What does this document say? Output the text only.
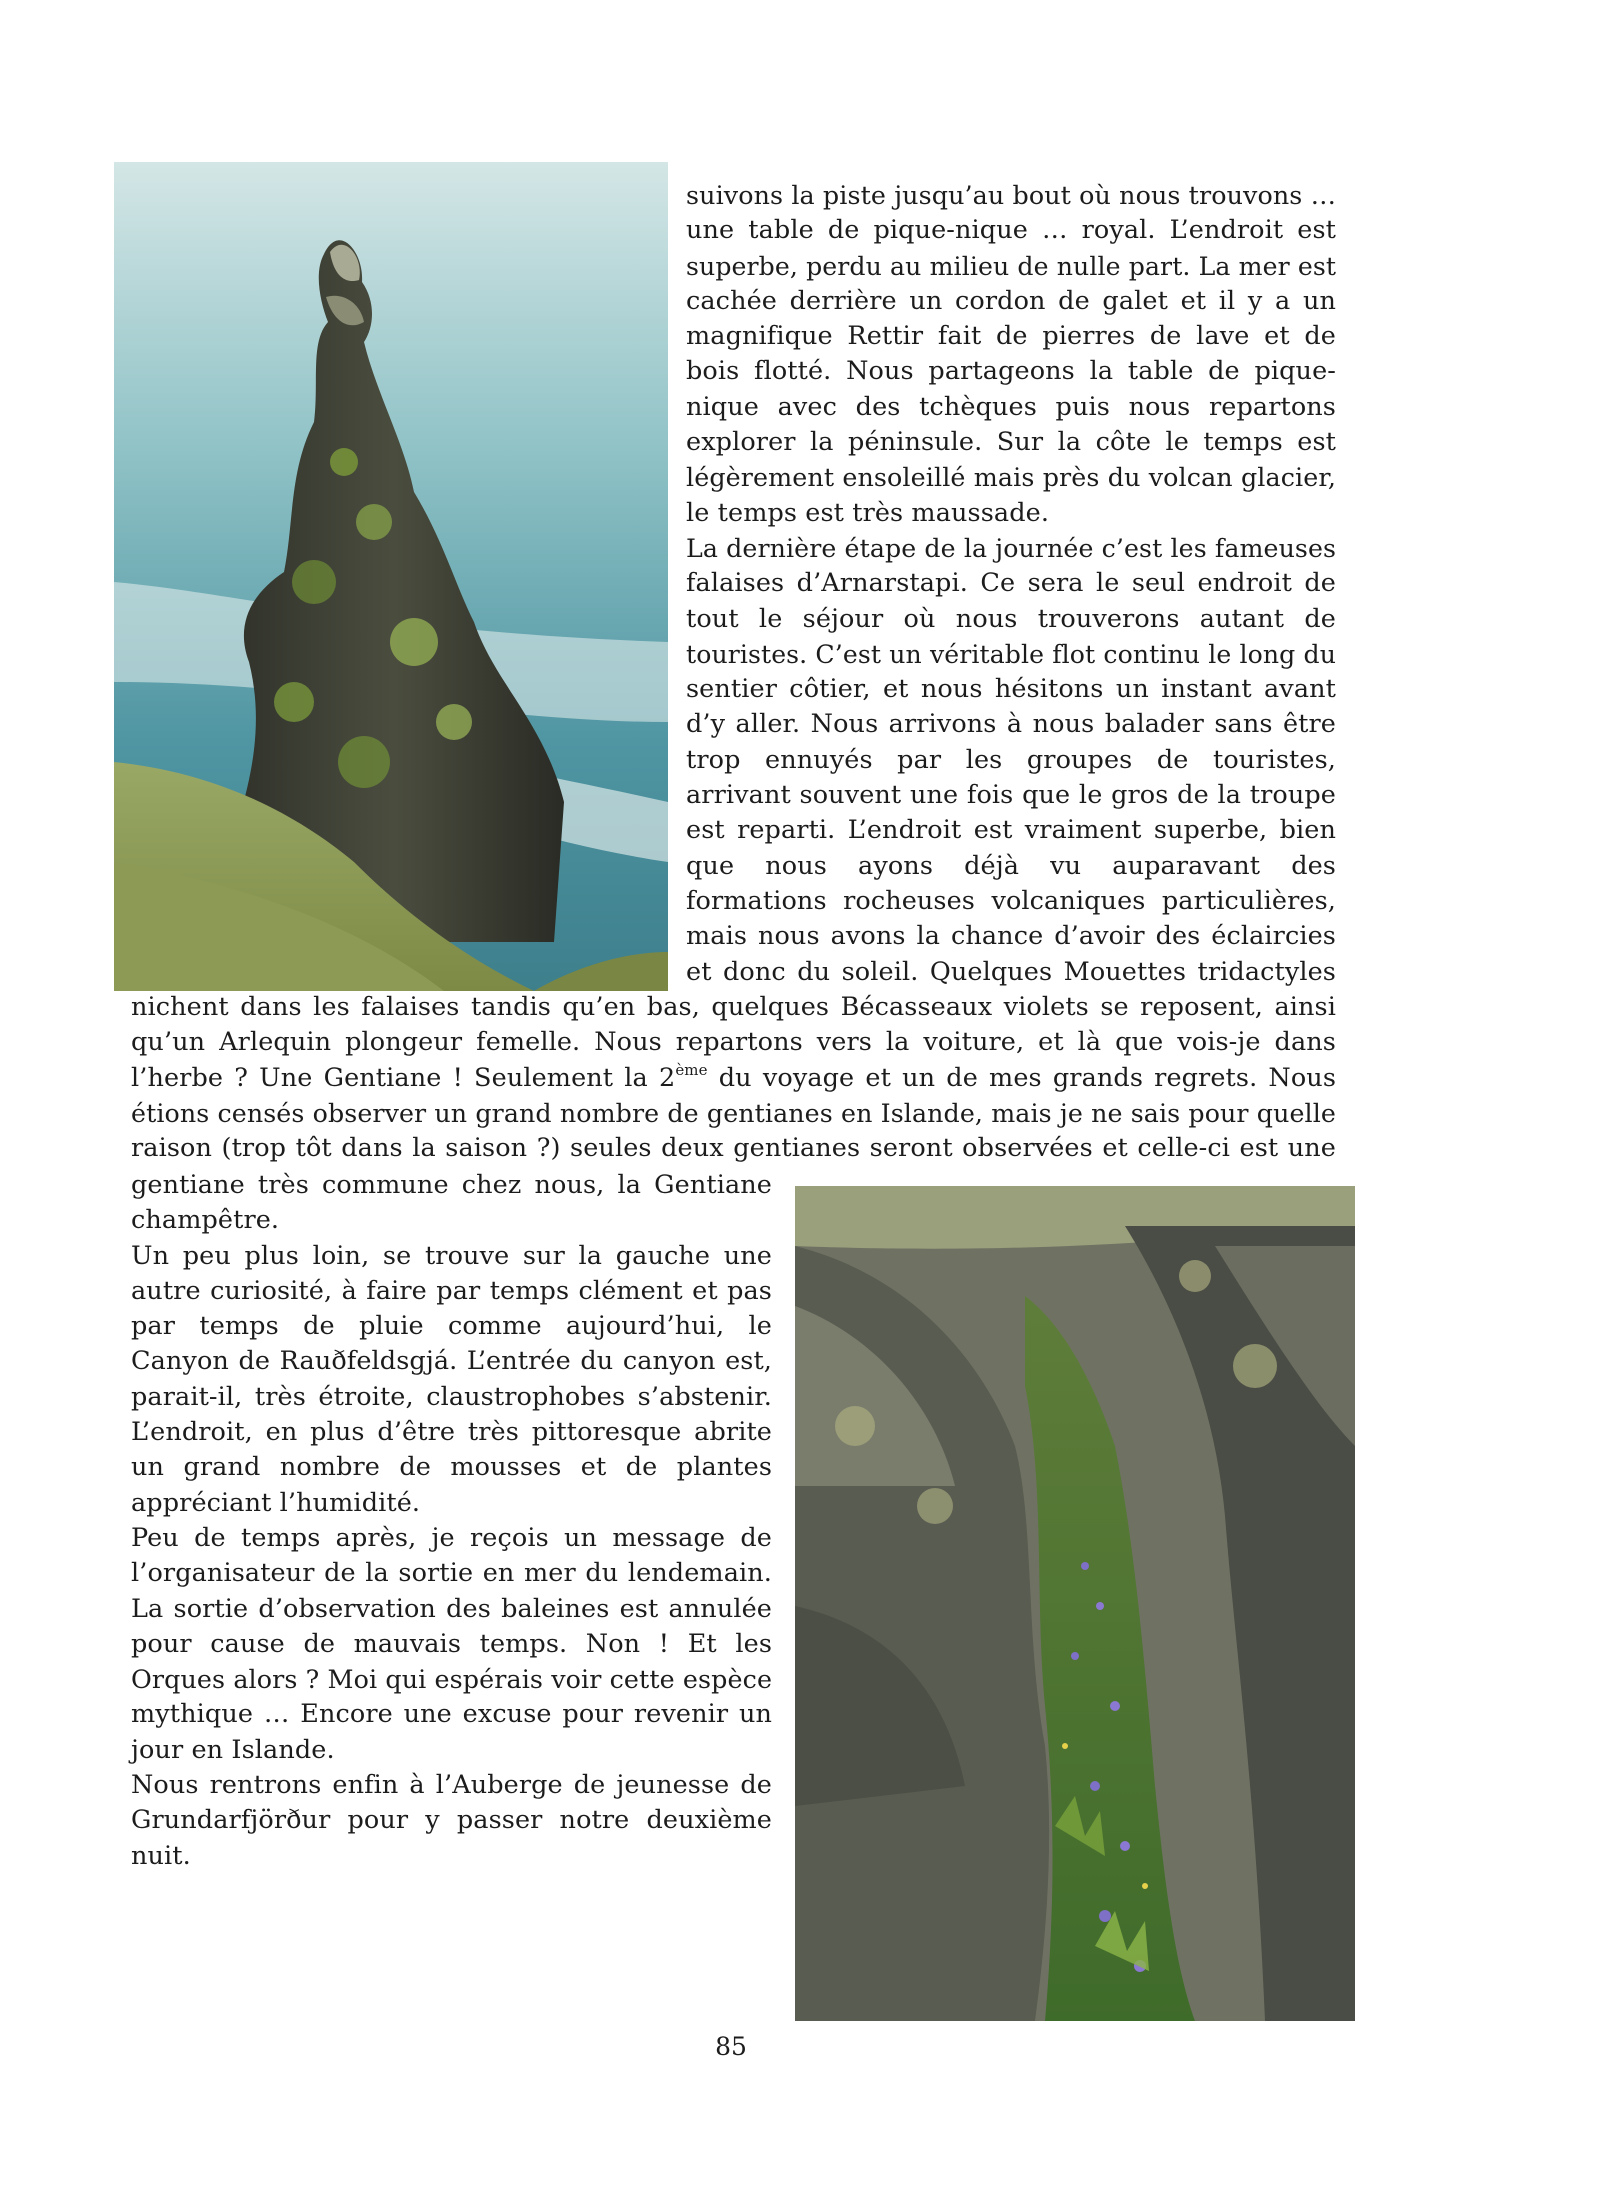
suivons la piste jusqu’au bout où nous trouvons …
une table de pique-nique … royal. L’endroit est
superbe, perdu au milieu de nulle part. La mer est
cachée derrière un cordon de galet et il y a un
magnifique Rettir fait de pierres de lave et de
bois flotté. Nous partageons la table de pique-
nique avec des tchèques puis nous repartons
explorer la péninsule. Sur la côte le temps est
légèrement ensoleillé mais près du volcan glacier,
le temps est très maussade.
La dernière étape de la journée c’est les fameuses
falaises d’Arnarstapi. Ce sera le seul endroit de
tout le séjour où nous trouverons autant de
touristes. C’est un véritable flot continu le long du
sentier côtier, et nous hésitons un instant avant
d’y aller. Nous arrivons à nous balader sans être
trop ennuyés par les groupes de touristes,
arrivant souvent une fois que le gros de la troupe
est reparti. L’endroit est vraiment superbe, bien
que nous ayons déjà vu auparavant des
formations rocheuses volcaniques particulières,
mais nous avons la chance d’avoir des éclaircies
et donc du soleil. Quelques Mouettes tridactyles
nichent dans les falaises tandis qu’en bas, quelques Bécasseaux violets se reposent, ainsi
qu’un Arlequin plongeur femelle. Nous repartons vers la voiture, et là que vois-je dans
l’herbe ? Une Gentiane ! Seulement la 2ème du voyage et un de mes grands regrets. Nous
étions censés observer un grand nombre de gentianes en Islande, mais je ne sais pour quelle
raison (trop tôt dans la saison ?) seules deux gentianes seront observées et celle-ci est une
gentiane très commune chez nous, la Gentiane
champêtre.
Un peu plus loin, se trouve sur la gauche une
autre curiosité, à faire par temps clément et pas
par temps de pluie comme aujourd’hui, le
Canyon de Rauðfeldsgjá. L’entrée du canyon est,
parait-il, très étroite, claustrophobes s’abstenir.
L’endroit, en plus d’être très pittoresque abrite
un grand nombre de mousses et de plantes
appréciant l’humidité.
Peu de temps après, je reçois un message de
l’organisateur de la sortie en mer du lendemain.
La sortie d’observation des baleines est annulée
pour cause de mauvais temps. Non ! Et les
Orques alors ? Moi qui espérais voir cette espèce
mythique … Encore une excuse pour revenir un
jour en Islande.
Nous rentrons enfin à l’Auberge de jeunesse de
Grundarfjörður pour y passer notre deuxième
nuit.
85
